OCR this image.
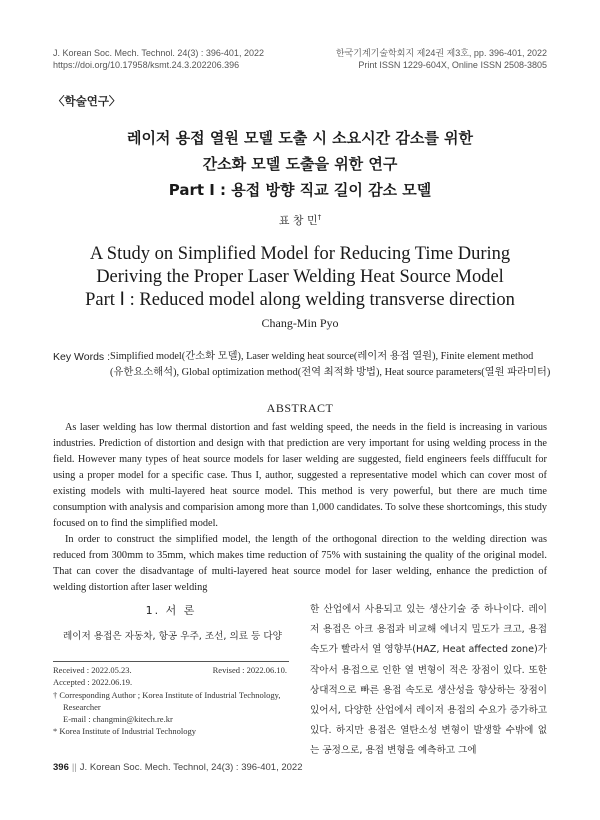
J. Korean Soc. Mech. Technol. 24(3) : 396-401, 2022
https://doi.org/10.17958/ksmt.24.3.202206.396
한국기계기술학회지 제24권 제3호, pp. 396-401, 2022
Print ISSN 1229-604X, Online ISSN 2508-3805
〈학술연구〉
레이저 용접 열원 모델 도출 시 소요시간 감소를 위한
간소화 모델 도출을 위한 연구
Part Ⅰ : 용접 방향 직교 길이 감소 모델
표 창 민†
A Study on Simplified Model for Reducing Time During
Deriving the Proper Laser Welding Heat Source Model
Part Ⅰ : Reduced model along welding transverse direction
Chang-Min Pyo
Key Words : Simplified model(간소화 모델), Laser welding heat source(레이저 용접 열원), Finite element method
(유한요소해석), Global optimization method(전역 최적화 방법), Heat source parameters(열원 파라미터)
ABSTRACT

As laser welding has low thermal distortion and fast welding speed, the needs in the field is increasing in various industries. Prediction of distortion and design with that prediction are very important for using welding process in the field. However many types of heat source models for laser welding are suggested, field engineers feels difffucult for using a proper model for a specific case. Thus I, author, suggested a representative model which can cover most of existing models with multi-layered heat source model. This method is very powerful, but there are much time consumption with analysis and comparision among more than 1,000 candidates. To solve these shortcomings, this study focused on to find the simplified model.

In order to construct the simplified model, the length of the orthogonal direction to the welding direction was reduced from 300mm to 35mm, which makes time reduction of 75% with sustaining the quality of the original model. That can cover the disadvantage of multi-layered heat source model for laser welding, enhance the prediction of welding distortion after laser welding

1. 서 론
레이저 용접은 자동차, 항공 우주, 조선, 의료 등 다양
Received : 2022.05.23.	Revised : 2022.06.10.
Accepted : 2022.06.19.
† Corresponding Author ; Korea Institute of Industrial Technology,
Researcher
E-mail : changmin@kitech.re.kr
* Korea Institute of Industrial Technology
한 산업에서 사용되고 있는 생산기술 중 하나이다. 레이저 용접은 아크 용접과 비교해 에너지 밀도가 크고, 용접 속도가 빨라서 열 영향부(HAZ, Heat affected zone)가 작아서 용접으로 인한 열 변형이 적은 장점이 있다. 또한 상대적으로 빠른 용접 속도로 생산성을 향상하는 장점이 있어서, 다양한 산업에서 레이저 용접의 수요가 증가하고 있다. 하지만 용접은 열탄소성 변형이 발생할 수밖에 없는 공정으로, 용접 변형을 예측하고 그에
396 || J. Korean Soc. Mech. Technol, 24(3) : 396-401, 2022
